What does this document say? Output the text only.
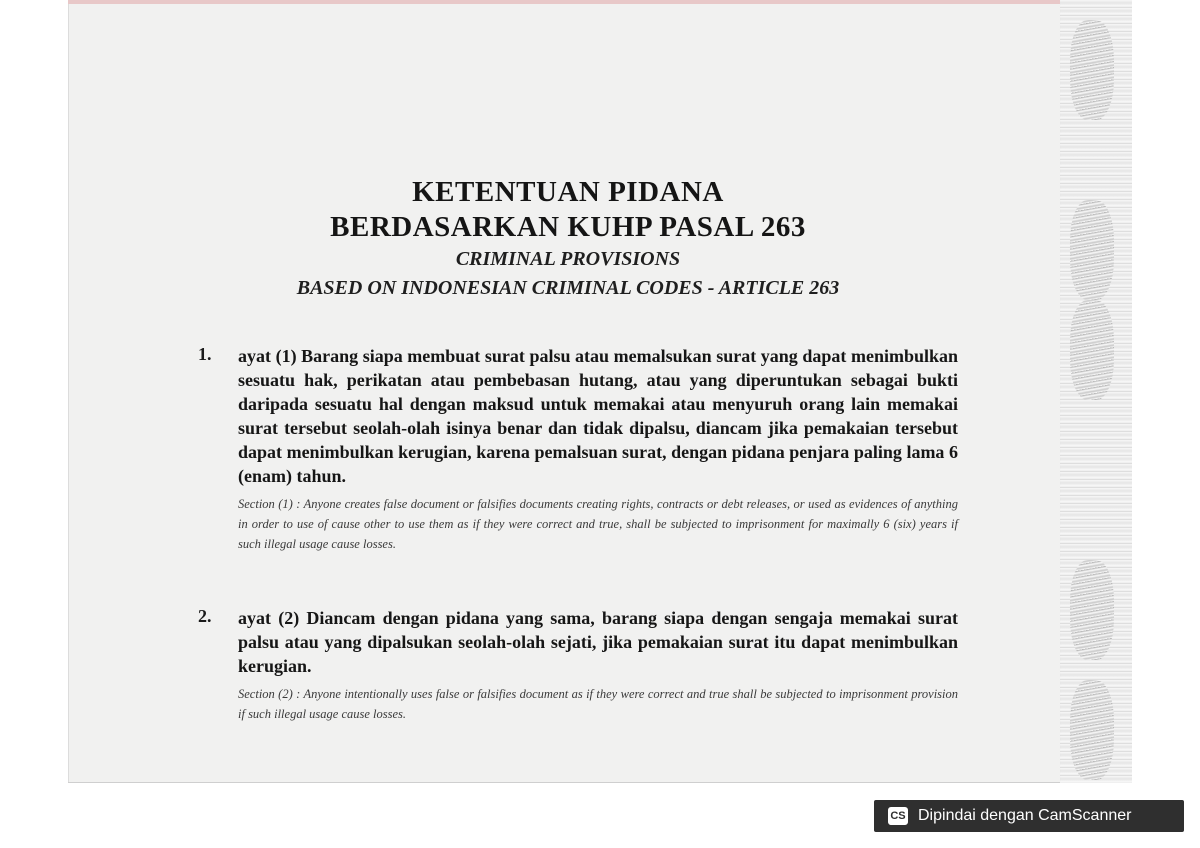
KETENTUAN PIDANA
BERDASARKAN KUHP PASAL 263
CRIMINAL PROVISIONS
BASED ON INDONESIAN CRIMINAL CODES - ARTICLE 263
1. ayat (1) Barang siapa membuat surat palsu atau memalsukan surat yang dapat menimbulkan sesuatu hak, perikatan atau pembebasan hutang, atau yang diperuntukan sebagai bukti daripada sesuatu hal dengan maksud untuk memakai atau menyuruh orang lain memakai surat tersebut seolah-olah isinya benar dan tidak dipalsu, diancam jika pemakaian tersebut dapat menimbulkan kerugian, karena pemalsuan surat, dengan pidana penjara paling lama 6 (enam) tahun.
Section (1) : Anyone creates false document or falsifies documents creating rights, contracts or debt releases, or used as evidences of anything in order to use of cause other to use them as if they were correct and true, shall be subjected to imprisonment for maximally 6 (six) years if such illegal usage cause losses.
2. ayat (2) Diancam dengan pidana yang sama, barang siapa dengan sengaja memakai surat palsu atau yang dipalsukan seolah-olah sejati, jika pemakaian surat itu dapat menimbulkan kerugian.
Section (2) : Anyone intentionally uses false or falsifies document as if they were correct and true shall be subjected to imprisonment provision if such illegal usage cause losses.
CS Dipindai dengan CamScanner
